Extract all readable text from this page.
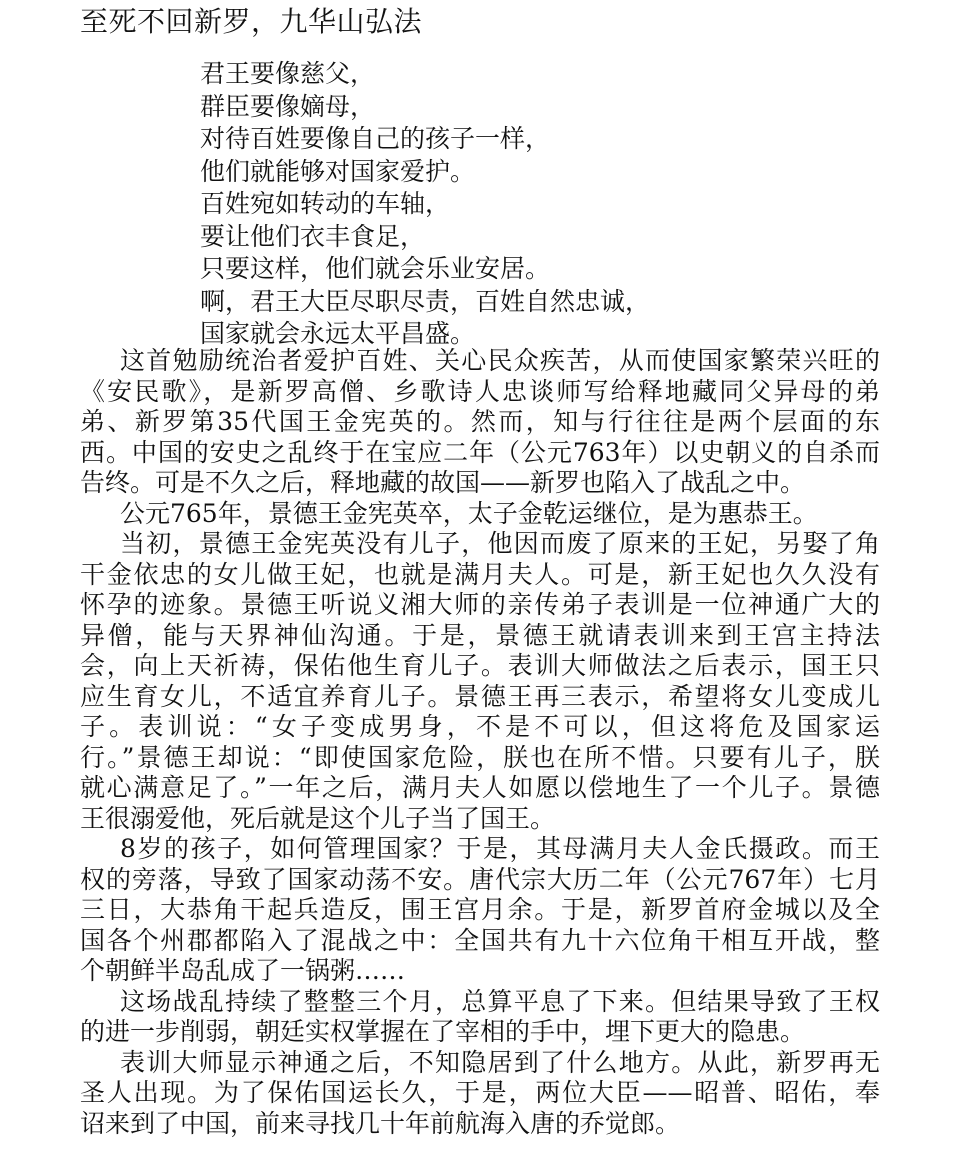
至死不回新罗，九华山弘法
君王要像慈父，
群臣要像嫡母，
对待百姓要像自己的孩子一样，
他们就能够对国家爱护。
百姓宛如转动的车轴，
要让他们衣丰食足，
只要这样，他们就会乐业安居。
啊，君王大臣尽职尽责，百姓自然忠诚，
国家就会永远太平昌盛。
这首勉励统治者爱护百姓、关心民众疾苦，从而使国家繁荣兴旺的
《安民歌》，是新罗高僧、乡歌诗人忠谈师写给释地藏同父异母的弟
弟、新罗第35代国王金宪英的。然而，知与行往往是两个层面的东
西。中国的安史之乱终于在宝应二年（公元763年）以史朝义的自杀而
告终。可是不久之后，释地藏的故国——新罗也陷入了战乱之中。
公元765年，景德王金宪英卒，太子金乾运继位，是为惠恭王。
当初，景德王金宪英没有儿子，他因而废了原来的王妃，另娶了角
干金依忠的女儿做王妃，也就是满月夫人。可是，新王妃也久久没有
怀孕的迹象。景德王听说义湘大师的亲传弟子表训是一位神通广大的
异僧，能与天界神仙沟通。于是，景德王就请表训来到王宫主持法
会，向上天祈祷，保佑他生育儿子。表训大师做法之后表示，国王只
应生育女儿，不适宜养育儿子。景德王再三表示，希望将女儿变成儿
子。表训说：“女子变成男身，不是不可以，但这将危及国家运
行。”景德王却说：“即使国家危险，朕也在所不惜。只要有儿子，朕
就心满意足了。”一年之后，满月夫人如愿以偿地生了一个儿子。景德
王很溺爱他，死后就是这个儿子当了国王。
8岁的孩子，如何管理国家？于是，其母满月夫人金氏摄政。而王
权的旁落，导致了国家动荡不安。唐代宗大历二年（公元767年）七月
三日，大恭角干起兵造反，围王宫月余。于是，新罗首府金城以及全
国各个州郡都陷入了混战之中：全国共有九十六位角干相互开战，整
个朝鲜半岛乱成了一锅粥……
这场战乱持续了整整三个月，总算平息了下来。但结果导致了王权
的进一步削弱，朝廷实权掌握在了宰相的手中，埋下更大的隐患。
表训大师显示神通之后，不知隐居到了什么地方。从此，新罗再无
圣人出现。为了保佑国运长久，于是，两位大臣——昭普、昭佑，奉
诏来到了中国，前来寻找几十年前航海入唐的乔觉郎。
